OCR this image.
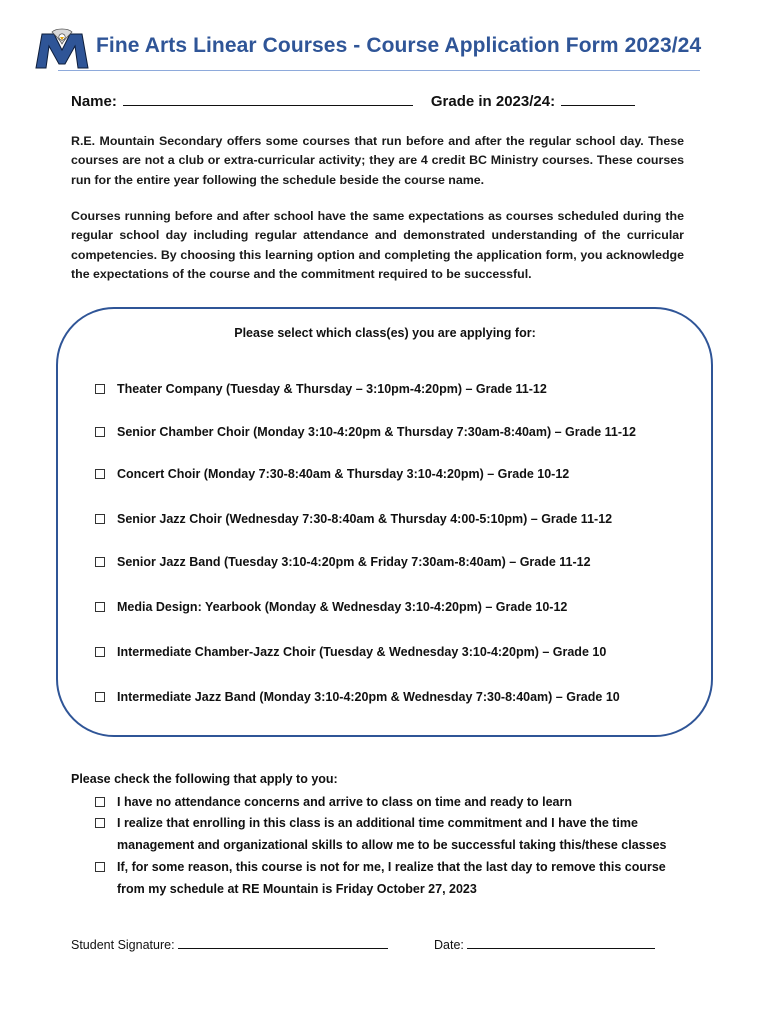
Fine Arts Linear Courses - Course Application Form 2023/24
Name:	Grade in 2023/24:
R.E. Mountain Secondary offers some courses that run before and after the regular school day. These courses are not a club or extra-curricular activity; they are 4 credit BC Ministry courses. These courses run for the entire year following the schedule beside the course name.
Courses running before and after school have the same expectations as courses scheduled during the regular school day including regular attendance and demonstrated understanding of the curricular competencies. By choosing this learning option and completing the application form, you acknowledge the expectations of the course and the commitment required to be successful.
Please select which class(es) you are applying for:
Theater Company (Tuesday & Thursday – 3:10pm-4:20pm) – Grade 11-12
Senior Chamber Choir (Monday 3:10-4:20pm & Thursday 7:30am-8:40am) – Grade 11-12
Concert Choir (Monday 7:30-8:40am & Thursday 3:10-4:20pm) – Grade 10-12
Senior Jazz Choir (Wednesday 7:30-8:40am & Thursday 4:00-5:10pm) – Grade 11-12
Senior Jazz Band (Tuesday 3:10-4:20pm & Friday 7:30am-8:40am) – Grade 11-12
Media Design: Yearbook (Monday & Wednesday 3:10-4:20pm) – Grade 10-12
Intermediate Chamber-Jazz Choir (Tuesday & Wednesday 3:10-4:20pm) – Grade 10
Intermediate Jazz Band (Monday 3:10-4:20pm & Wednesday 7:30-8:40am) – Grade 10
Please check the following that apply to you:
I have no attendance concerns and arrive to class on time and ready to learn
I realize that enrolling in this class is an additional time commitment and I have the time
management and organizational skills to allow me to be successful taking this/these classes
If, for some reason, this course is not for me, I realize that the last day to remove this course
from my schedule at RE Mountain is Friday October 27, 2023
Student Signature:	Date:
